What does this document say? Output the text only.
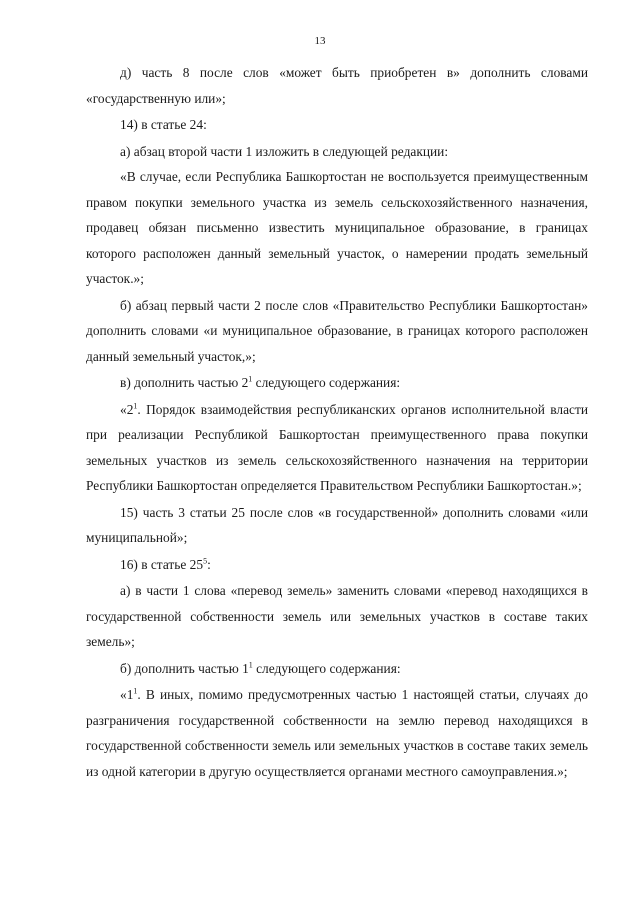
13

д) часть 8 после слов «может быть приобретен в» дополнить словами «государственную или»;

14) в статье 24:

а) абзац второй части 1 изложить в следующей редакции:

«В случае, если Республика Башкортостан не воспользуется преимущественным правом покупки земельного участка из земель сельскохозяйственного назначения, продавец обязан письменно известить муниципальное образование, в границах которого расположен данный земельный участок, о намерении продать земельный участок.»;

б) абзац первый части 2 после слов «Правительство Республики Башкортостан» дополнить словами «и муниципальное образование, в границах которого расположен данный земельный участок,»;

в) дополнить частью $2^1$ следующего содержания:

«$2^1$. Порядок взаимодействия республиканских органов исполнительной власти при реализации Республикой Башкортостан преимущественного права покупки земельных участков из земель сельскохозяйственного назначения на территории Республики Башкортостан определяется Правительством Республики Башкортостан.»;

15) часть 3 статьи 25 после слов «в государственной» дополнить словами «или муниципальной»;

16) в статье $25^5$:

а) в части 1 слова «перевод земель» заменить словами «перевод находящихся в государственной собственности земель или земельных участков в составе таких земель»;

б) дополнить частью $1^1$ следующего содержания:

«$1^1$. В иных, помимо предусмотренных частью 1 настоящей статьи, случаях до разграничения государственной собственности на землю перевод находящихся в государственной собственности земель или земельных участков в составе таких земель из одной категории в другую осуществляется органами местного самоуправления.»;
